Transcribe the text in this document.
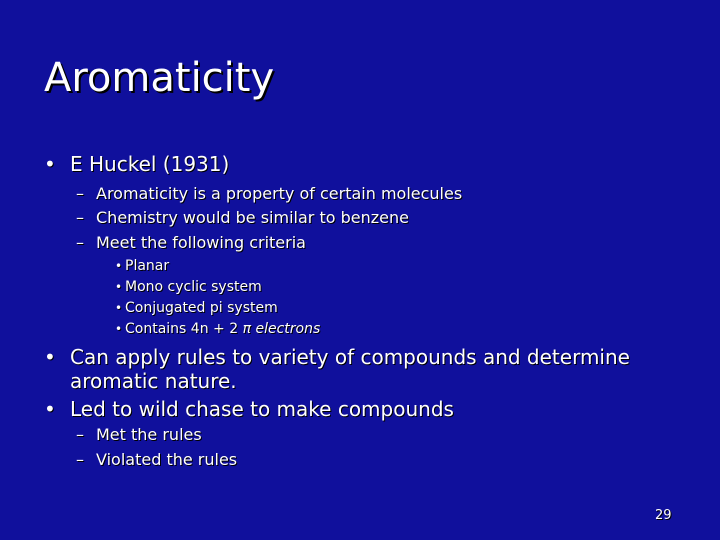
Aromaticity
• E Huckel (1931)
– Aromaticity is a property of certain molecules
– Chemistry would be similar to benzene
– Meet the following criteria
• Planar
• Mono cyclic system
• Conjugated pi system
• Contains 4n + 2 π electrons
• Can apply rules to variety of compounds and determine
aromatic nature.
• Led to wild chase to make compounds
– Met the rules
– Violated the rules
29
